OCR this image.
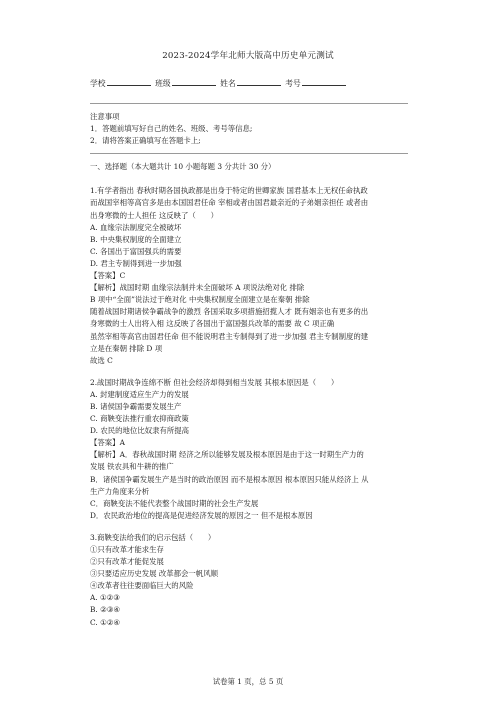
2023-2024学年北师大版高中历史单元测试
学校	班级	姓名	考号

注意事项

1．答题前填写好自己的姓名、班级、考号等信息;

2．请将答案正确填写在答题卡上;

一、选择题（本大题共计 10 小题每题 3 分共计 30 分）

1.有学者指出 春秋时期各国执政都是出身于特定的世卿家族 国君基本上无权任命执政

而战国宰相等高官多是由本国国君任命 宰相或者由国君最亲近的子弟姻亲担任 或者由

出身寒微的士人担任 这反映了（　　）

A. 血缘宗法制度完全被破坏

B. 中央集权制度的全面建立

C. 各国出于富国强兵的需要

D. 君主专制得到进一步加强

【答案】C

【解析】战国时期 血缘宗法制并未全面破坏 A 项说法绝对化 排除

B 项中“全面”说法过于绝对化 中央集权制度全面建立是在秦朝 排除

随着战国时期诸侯争霸战争的激烈 各国采取多项措施招揽人才 既有姻亲也有更多的出

身寒微的士人出将入相 这反映了各国出于富国强兵改革的需要 故 C 项正确

虽然宰相等高官由国君任命 但不能说明君主专制得到了进一步加强 君主专制制度的建

立是在秦朝 排除 D 项

故选 C

2.战国时期战争连绵不断 但社会经济却得到相当发展 其根本原因是（　　）

A. 封建制度适应生产力的发展

B. 诸侯国争霸需要发展生产

C. 商鞅变法推行重农抑商政策

D. 农民的地位比奴隶有所提高

【答案】A

【解析】A．春秋战国时期 经济之所以能够发展及根本原因是由于这一时期生产力的

发展 铁农具和牛耕的推广

B．诸侯国争霸发展生产是当时的政治原因 而不是根本原因 根本原因只能从经济上 从

生产力角度来分析

C．商鞅变法不能代表整个战国时期的社会生产发展

D．农民政治地位的提高是促进经济发展的原因之一 但不是根本原因

3.商鞅变法给我们的启示包括（　　）

①只有改革才能求生存

②只有改革才能促发展

③只要适应历史发展 改革都会一帆风顺

④改革者往往要面临巨大的风险

A. ①②③

B. ②③④

C. ①②④

试卷第 1 页，总 5 页
